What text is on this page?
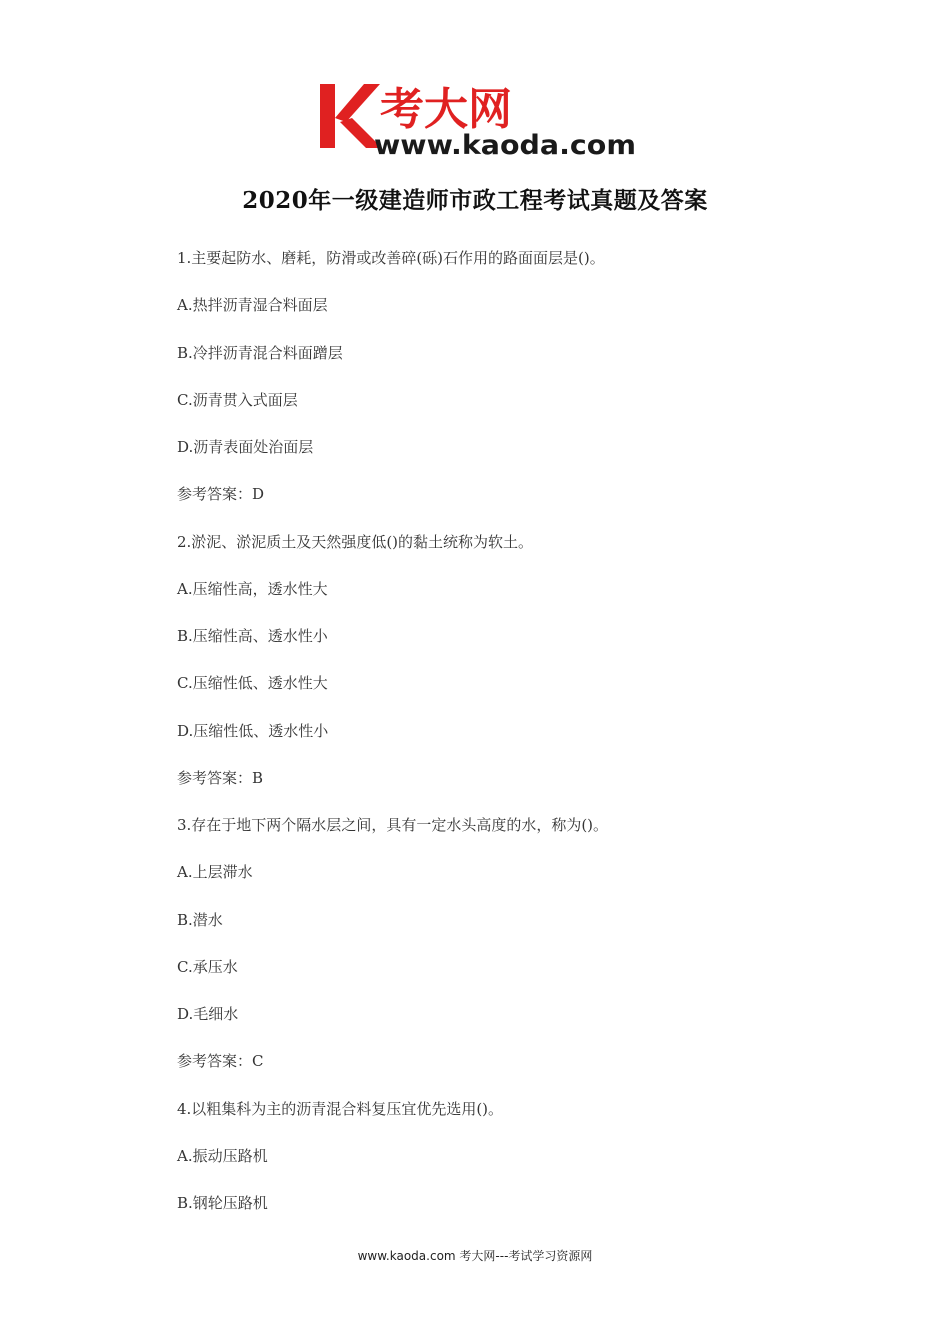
考大网
www.kaoda.com
2020年一级建造师市政工程考试真题及答案
1.主要起防水、磨耗，防滑或改善碎(砾)石作用的路面面层是()。
A.热拌沥青湿合料面层
B.冷拌沥青混合料面蹭层
C.沥青贯入式面层
D.沥青表面处治面层
参考答案：D
2.淤泥、淤泥质土及天然强度低()的黏土统称为软土。
A.压缩性高，透水性大
B.压缩性高、透水性小
C.压缩性低、透水性大
D.压缩性低、透水性小
参考答案：B
3.存在于地下两个隔水层之间，具有一定水头高度的水，称为()。
A.上层滞水
B.潜水
C.承压水
D.毛细水
参考答案：C
4.以粗集科为主的沥青混合料复压宜优先选用()。
A.振动压路机
B.钢轮压路机
www.kaoda.com 考大网---考试学习资源网
